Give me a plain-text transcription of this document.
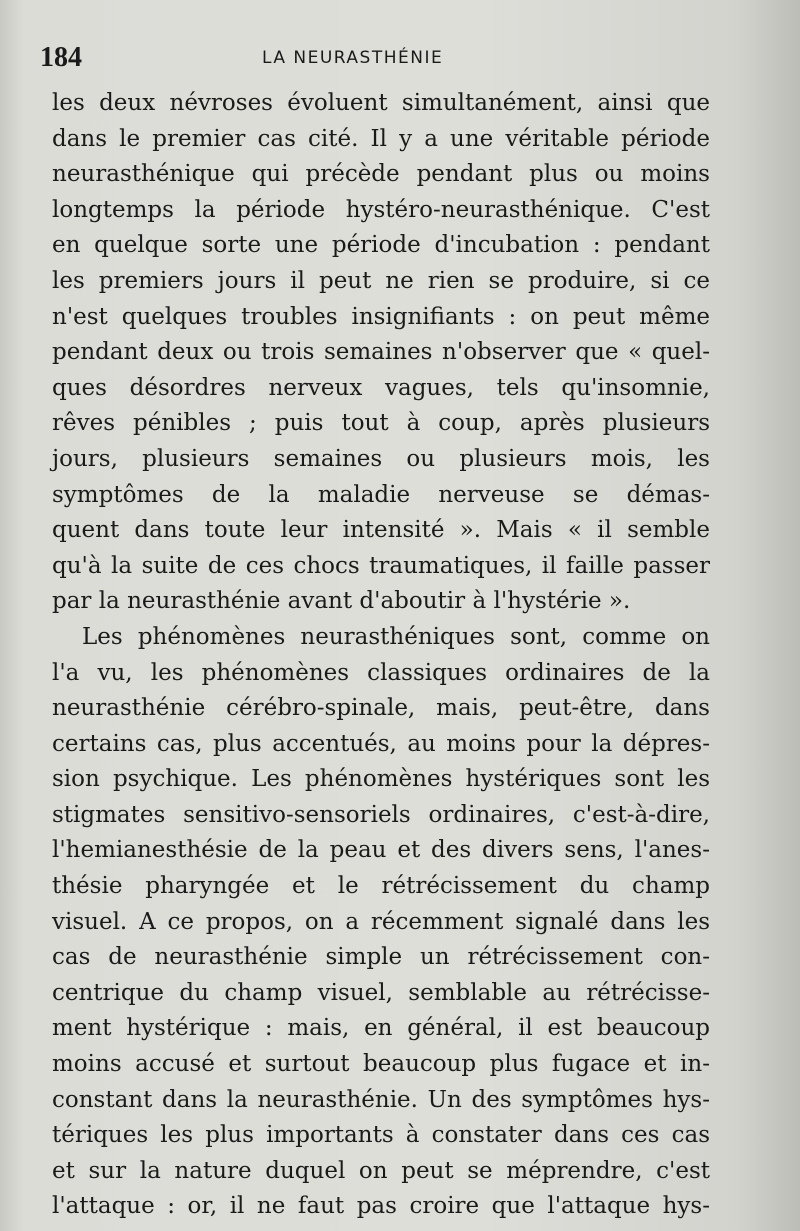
184	LA NEURASTHÉNIE
les deux névroses évoluent simultanément, ainsi que
dans le premier cas cité. Il y a une véritable période
neurasthénique qui précède pendant plus ou moins
longtemps la période hystéro-neurasthénique. C'est
en quelque sorte une période d'incubation : pendant
les premiers jours il peut ne rien se produire, si ce
n'est quelques troubles insignifiants : on peut même
pendant deux ou trois semaines n'observer que « quel-
ques désordres nerveux vagues, tels qu'insomnie,
rêves pénibles ; puis tout à coup, après plusieurs
jours, plusieurs semaines ou plusieurs mois, les
symptômes de la maladie nerveuse se démas-
quent dans toute leur intensité ». Mais « il semble
qu'à la suite de ces chocs traumatiques, il faille passer
par la neurasthénie avant d'aboutir à l'hystérie ».
Les phénomènes neurasthéniques sont, comme on
l'a vu, les phénomènes classiques ordinaires de la
neurasthénie cérébro-spinale, mais, peut-être, dans
certains cas, plus accentués, au moins pour la dépres-
sion psychique. Les phénomènes hystériques sont les
stigmates sensitivo-sensoriels ordinaires, c'est-à-dire,
l'hemianesthésie de la peau et des divers sens, l'anes-
thésie pharyngée et le rétrécissement du champ
visuel. A ce propos, on a récemment signalé dans les
cas de neurasthénie simple un rétrécissement con-
centrique du champ visuel, semblable au rétrécisse-
ment hystérique : mais, en général, il est beaucoup
moins accusé et surtout beaucoup plus fugace et in-
constant dans la neurasthénie. Un des symptômes hys-
tériques les plus importants à constater dans ces cas
et sur la nature duquel on peut se méprendre, c'est
l'attaque : or, il ne faut pas croire que l'attaque hys-
